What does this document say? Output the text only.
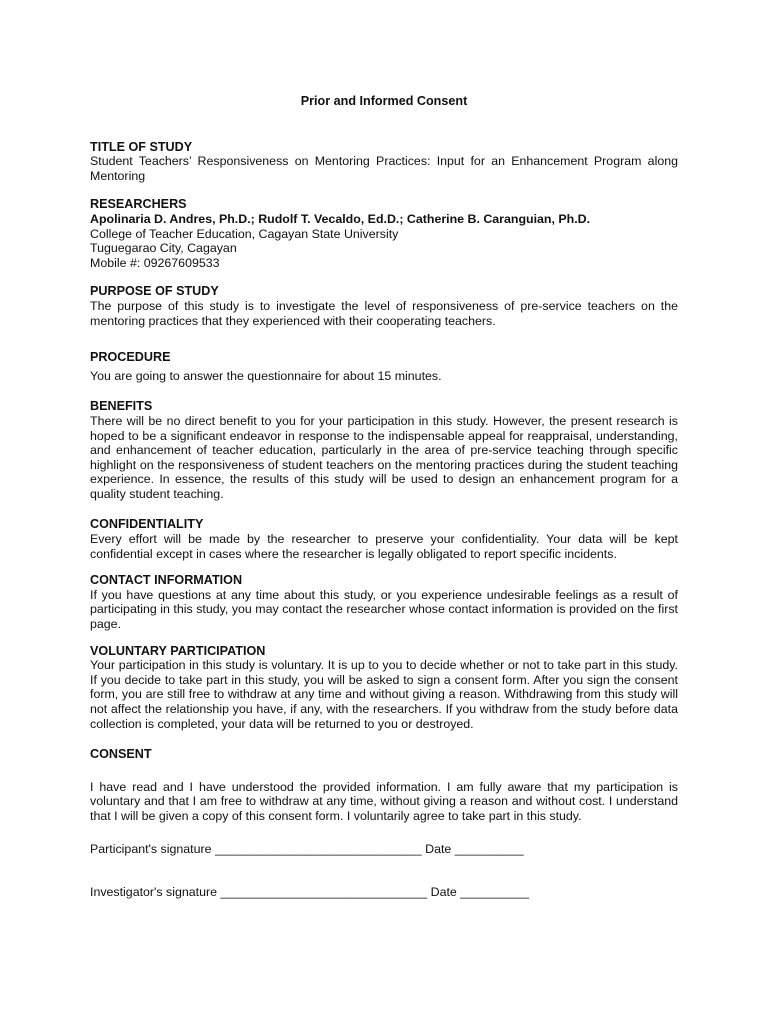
Prior and Informed Consent

TITLE OF STUDY

Student Teachers’ Responsiveness on Mentoring Practices: Input for an Enhancement Program along Mentoring

RESEARCHERS

Apolinaria D. Andres, Ph.D.; Rudolf T. Vecaldo, Ed.D.; Catherine B. Caranguian, Ph.D.

College of Teacher Education, Cagayan State University

Tuguegarao City, Cagayan

Mobile #: 09267609533

PURPOSE OF STUDY

The purpose of this study is to investigate the level of responsiveness of pre-service teachers on the mentoring practices that they experienced with their cooperating teachers.

PROCEDURE

You are going to answer the questionnaire for about 15 minutes.

BENEFITS

There will be no direct benefit to you for your participation in this study. However, the present research is hoped to be a significant endeavor in response to the indispensable appeal for reappraisal, understanding, and enhancement of teacher education, particularly in the area of pre-service teaching through specific highlight on the responsiveness of student teachers on the mentoring practices during the student teaching experience. In essence, the results of this study will be used to design an enhancement program for a quality student teaching.

CONFIDENTIALITY

Every effort will be made by the researcher to preserve your confidentiality. Your data will be kept confidential except in cases where the researcher is legally obligated to report specific incidents.

CONTACT INFORMATION

If you have questions at any time about this study, or you experience undesirable feelings as a result of participating in this study, you may contact the researcher whose contact information is provided on the first page.

VOLUNTARY PARTICIPATION

Your participation in this study is voluntary. It is up to you to decide whether or not to take part in this study. If you decide to take part in this study, you will be asked to sign a consent form. After you sign the consent form, you are still free to withdraw at any time and without giving a reason. Withdrawing from this study will not affect the relationship you have, if any, with the researchers. If you withdraw from the study before data collection is completed, your data will be returned to you or destroyed.

CONSENT

I have read and I have understood the provided information. I am fully aware that my participation is voluntary and that I am free to withdraw at any time, without giving a reason and without cost. I understand that I will be given a copy of this consent form. I voluntarily agree to take part in this study.

Participant's signature ______________________________ Date __________

Investigator's signature ______________________________ Date __________
